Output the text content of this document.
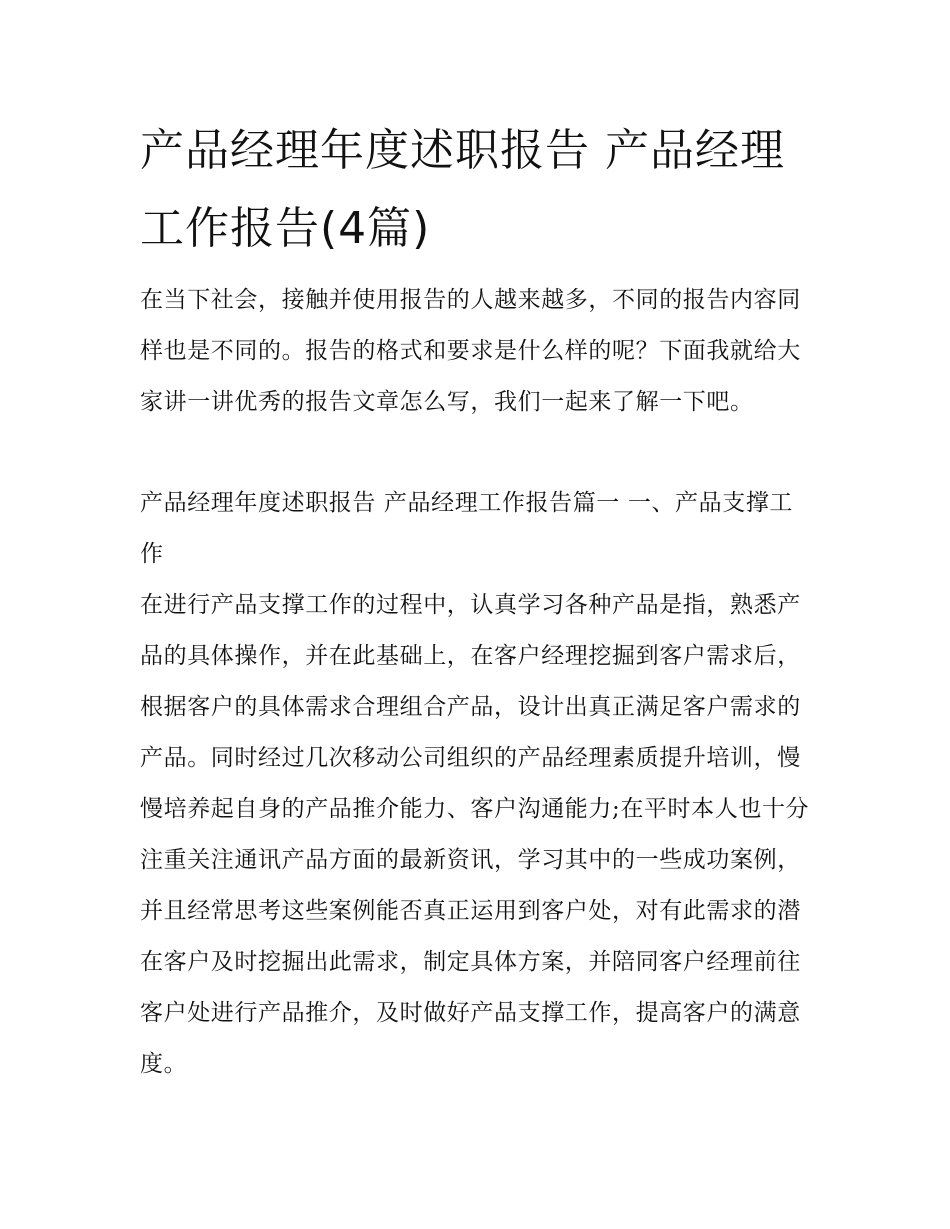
产品经理年度述职报告 产品经理工作报告(4篇)

在当下社会，接触并使用报告的人越来越多，不同的报告内容同样也是不同的。报告的格式和要求是什么样的呢？下面我就给大家讲一讲优秀的报告文章怎么写，我们一起来了解一下吧。

产品经理年度述职报告 产品经理工作报告篇一 一、产品支撑工作

在进行产品支撑工作的过程中，认真学习各种产品是指，熟悉产品的具体操作，并在此基础上，在客户经理挖掘到客户需求后，根据客户的具体需求合理组合产品，设计出真正满足客户需求的产品。同时经过几次移动公司组织的产品经理素质提升培训，慢慢培养起自身的产品推介能力、客户沟通能力;在平时本人也十分注重关注通讯产品方面的最新资讯，学习其中的一些成功案例，并且经常思考这些案例能否真正运用到客户处，对有此需求的潜在客户及时挖掘出此需求，制定具体方案，并陪同客户经理前往客户处进行产品推介，及时做好产品支撑工作，提高客户的满意度。
